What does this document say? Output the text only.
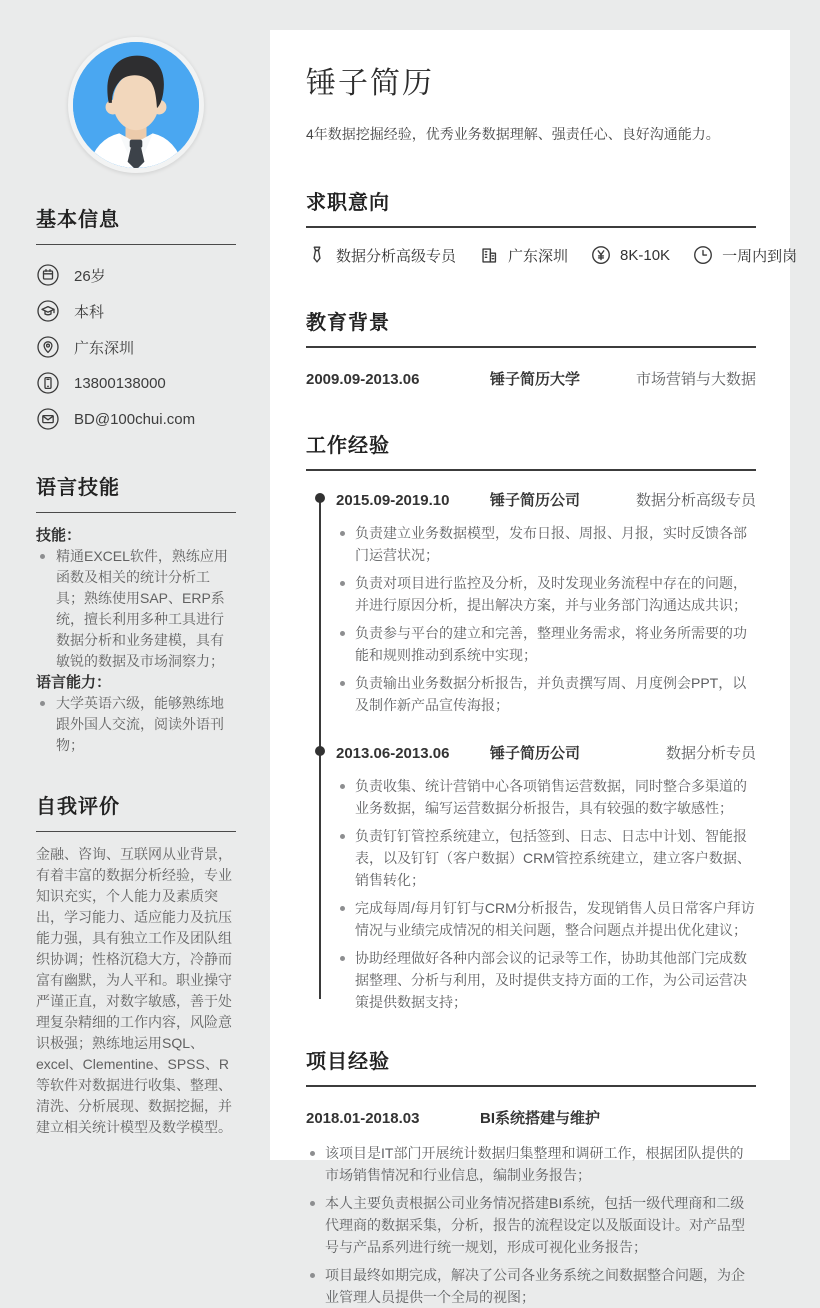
基本信息
26岁
本科
广东深圳
13800138000
BD@100chui.com
语言技能
技能：
精通EXCEL软件，熟练应用函数及相关的统计分析工具；熟练使用SAP、ERP系统，擅长利用多种工具进行数据分析和业务建模，具有敏锐的数据及市场洞察力；
语言能力：
大学英语六级，能够熟练地跟外国人交流，阅读外语刊物；
自我评价

金融、咨询、互联网从业背景，有着丰富的数据分析经验，专业知识充实，个人能力及素质突出，学习能力、适应能力及抗压能力强，具有独立工作及团队组织协调；性格沉稳大方，冷静而富有幽默，为人平和。职业操守严谨正直，对数字敏感，善于处理复杂精细的工作内容，风险意识极强；熟练地运用SQL、excel、Clementine、SPSS、R等软件对数据进行收集、整理、清洗、分析展现、数据挖掘，并建立相关统计模型及数学模型。

锤子简历

4年数据挖掘经验，优秀业务数据理解、强责任心、良好沟通能力。

求职意向
数据分析高级专员	广东深圳	8K-10K	一周内到岗
教育背景
2009.09-2013.06	锤子简历大学	市场营销与大数据
工作经验
2015.09-2019.10	锤子简历公司	数据分析高级专员
负责建立业务数据模型，发布日报、周报、月报，实时反馈各部门运营状况；
负责对项目进行监控及分析，及时发现业务流程中存在的问题，并进行原因分析，提出解决方案，并与业务部门沟通达成共识；
负责参与平台的建立和完善，整理业务需求，将业务所需要的功能和规则推动到系统中实现；
负责输出业务数据分析报告，并负责撰写周、月度例会PPT，以及制作新产品宣传海报；
2013.06-2013.06	锤子简历公司	数据分析专员
负责收集、统计营销中心各项销售运营数据，同时整合多渠道的业务数据，编写运营数据分析报告，具有较强的数字敏感性；
负责钉钉管控系统建立，包括签到、日志、日志中计划、智能报表，以及钉钉（客户数据）CRM管控系统建立，建立客户数据、销售转化；
完成每周/每月钉钉与CRM分析报告，发现销售人员日常客户拜访情况与业绩完成情况的相关问题，整合问题点并提出优化建议；
协助经理做好各种内部会议的记录等工作，协助其他部门完成数据整理、分析与利用，及时提供支持方面的工作，为公司运营决策提供数据支持；
项目经验
2018.01-2018.03	BI系统搭建与维护
该项目是IT部门开展统计数据归集整理和调研工作，根据团队提供的市场销售情况和行业信息，编制业务报告；
本人主要负责根据公司业务情况搭建BI系统，包括一级代理商和二级代理商的数据采集，分析，报告的流程设定以及版面设计。对产品型号与产品系列进行统一规划，形成可视化业务报告；
项目最终如期完成，解决了公司各业务系统之间数据整合问题，为企业管理人员提供一个全局的视图；
